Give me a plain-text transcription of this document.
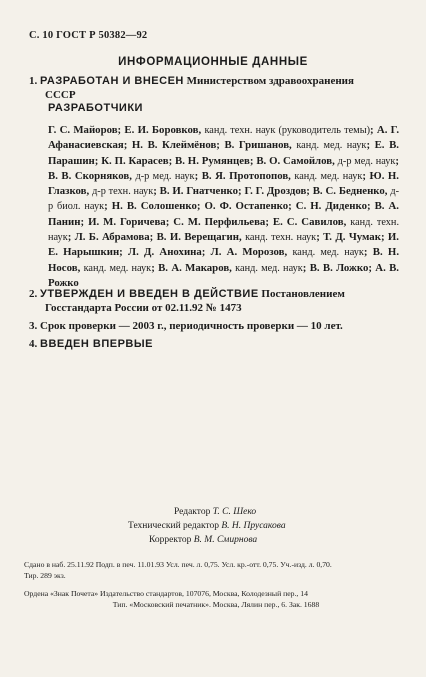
С. 10 ГОСТ Р 50382—92
ИНФОРМАЦИОННЫЕ ДАННЫЕ
1. РАЗРАБОТАН И ВНЕСЕН Министерством здравоохранения
СССР
РАЗРАБОТЧИКИ
Г. С. Майоров; Е. И. Боровков, канд. техн. наук (руководитель темы); А. Г. Афанасиевская; Н. В. Клеймёнов; В. Гришанов, канд. мед. наук; Е. В. Парашин; К. П. Карасев; В. Н. Румянцев; В. О. Самойлов, д-р мед. наук; В. В. Скорняков, д-р мед. наук; В. Я. Протопопов, канд. мед. наук; Ю. Н. Глазков, д-р техн. наук; В. И. Гнатченко; Г. Г. Дроздов; В. С. Бедненко, д-р биол. наук; Н. В. Солошенко; О. Ф. Остапенко; С. Н. Диденко; В. А. Панин; И. М. Горичева; С. М. Перфильева; Е. С. Савилов, канд. техн. наук; Л. Б. Абрамова; В. И. Верещагин, канд. техн. наук; Т. Д. Чумак; И. Е. Нарышкин; Л. Д. Анохина; Л. А. Морозов, канд. мед. наук; В. Н. Носов, канд. мед. наук; В. А. Макаров, канд. мед. наук; В. В. Ложко; А. В. Рожко
2. УТВЕРЖДЕН И ВВЕДЕН В ДЕЙСТВИЕ Постановлением
Госстандарта России от 02.11.92 № 1473
3. Срок проверки — 2003 г., периодичность проверки — 10 лет.
4. ВВЕДЕН ВПЕРВЫЕ
Редактор Т. С. Шеко
Технический редактор В. Н. Прусакова
Корректор В. М. Смирнова
Сдано в наб. 25.11.92 Подп. в печ. 11.01.93 Усл. печ. л. 0,75. Усл. кр.-отт. 0,75. Уч.-изд. л. 0,70.
Тир. 289 экз.
Ордена «Знак Почета» Издательство стандартов, 107076, Москва, Колодезный пер., 14
Тип. «Московский печатник». Москва, Лялин пер., 6. Зак. 1688
